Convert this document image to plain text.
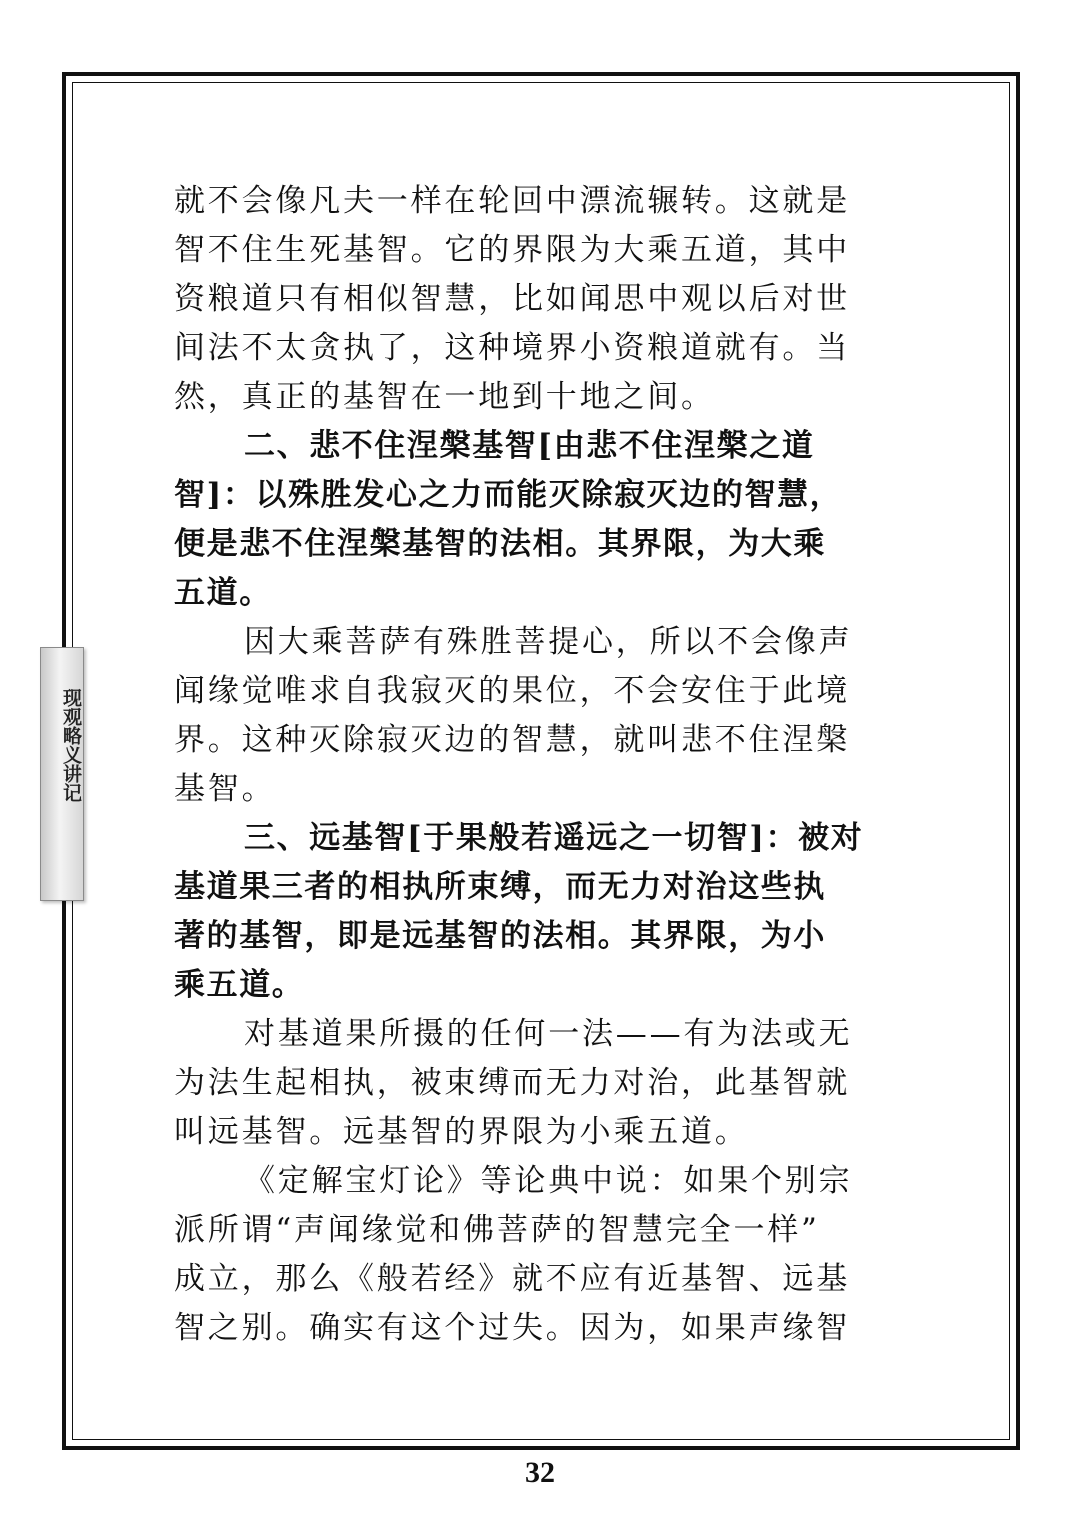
现观略义讲记
就不会像凡夫一样在轮回中漂流辗转。这就是
智不住生死基智。它的界限为大乘五道，其中
资粮道只有相似智慧，比如闻思中观以后对世
间法不太贪执了，这种境界小资粮道就有。当
然，真正的基智在一地到十地之间。
二、悲不住涅槃基智[由悲不住涅槃之道
智]：以殊胜发心之力而能灭除寂灭边的智慧，
便是悲不住涅槃基智的法相。其界限，为大乘
五道。
因大乘菩萨有殊胜菩提心，所以不会像声
闻缘觉唯求自我寂灭的果位，不会安住于此境
界。这种灭除寂灭边的智慧，就叫悲不住涅槃
基智。
三、远基智[于果般若遥远之一切智]：被对
基道果三者的相执所束缚，而无力对治这些执
著的基智，即是远基智的法相。其界限，为小
乘五道。
对基道果所摄的任何一法——有为法或无
为法生起相执，被束缚而无力对治，此基智就
叫远基智。远基智的界限为小乘五道。
《定解宝灯论》等论典中说：如果个别宗
派所谓“声闻缘觉和佛菩萨的智慧完全一样”
成立，那么《般若经》就不应有近基智、远基
智之别。确实有这个过失。因为，如果声缘智
32
